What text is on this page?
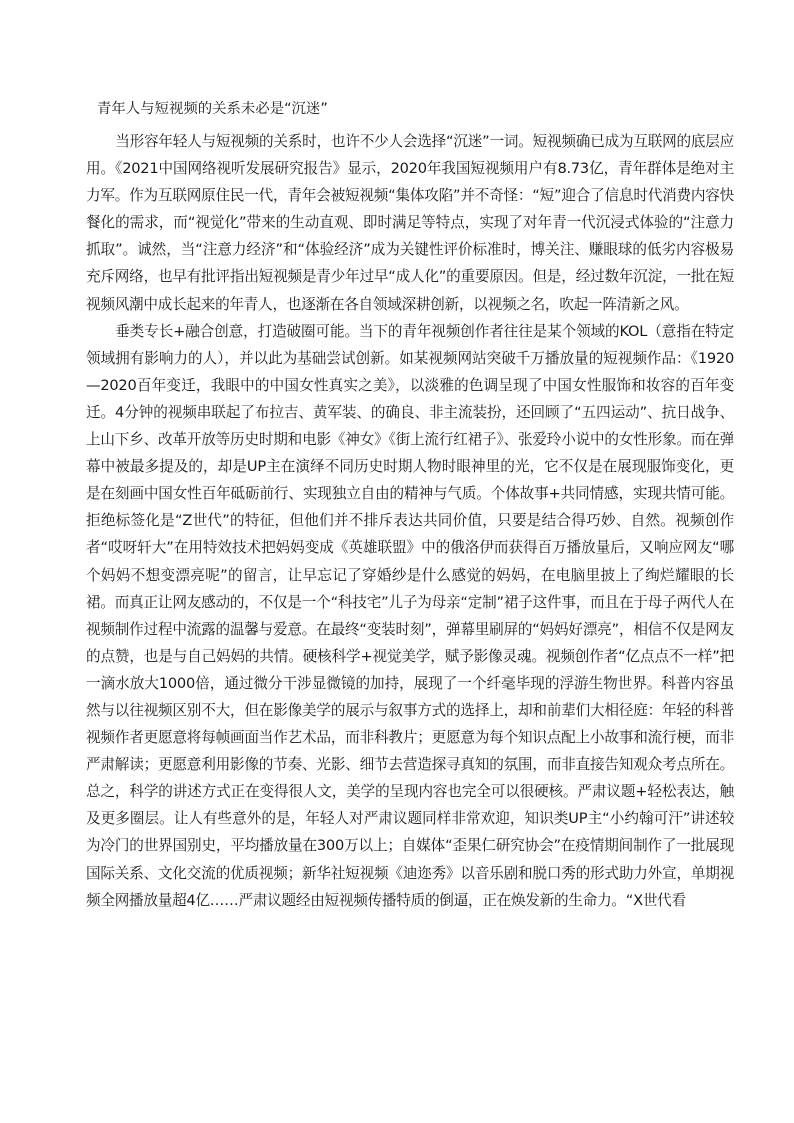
青年人与短视频的关系未必是“沉迷”

当形容年轻人与短视频的关系时，也许不少人会选择“沉迷”一词。短视频确已成为互联网的底层应用。《2021中国网络视听发展研究报告》显示，2020年我国短视频用户有8.73亿，青年群体是绝对主力军。作为互联网原住民一代，青年会被短视频“集体攻陷”并不奇怪：“短”迎合了信息时代消费内容快餐化的需求，而“视觉化”带来的生动直观、即时满足等特点，实现了对年青一代沉浸式体验的“注意力抓取”。诚然，当“注意力经济”和“体验经济”成为关键性评价标准时，博关注、赚眼球的低劣内容极易充斥网络，也早有批评指出短视频是青少年过早“成人化”的重要原因。但是，经过数年沉淀，一批在短视频风潮中成长起来的年青人，也逐渐在各自领域深耕创新，以视频之名，吹起一阵清新之风。

垂类专长+融合创意，打造破圈可能。当下的青年视频创作者往往是某个领域的KOL（意指在特定领域拥有影响力的人），并以此为基础尝试创新。如某视频网站突破千万播放量的短视频作品：《1920—2020百年变迁，我眼中的中国女性真实之美》，以淡雅的色调呈现了中国女性服饰和妆容的百年变迁。4分钟的视频串联起了布拉吉、黄军装、的确良、非主流装扮，还回顾了“五四运动”、抗日战争、上山下乡、改革开放等历史时期和电影《神女》《街上流行红裙子》、张爱玲小说中的女性形象。而在弹幕中被最多提及的，却是UP主在演绎不同历史时期人物时眼神里的光，它不仅是在展现服饰变化，更是在刻画中国女性百年砥砺前行、实现独立自由的精神与气质。个体故事+共同情感，实现共情可能。拒绝标签化是“Z世代”的特征，但他们并不排斥表达共同价值，只要是结合得巧妙、自然。视频创作者“哎呀轩大”在用特效技术把妈妈变成《英雄联盟》中的俄洛伊而获得百万播放量后，又响应网友“哪个妈妈不想变漂亮呢”的留言，让早忘记了穿婚纱是什么感觉的妈妈，在电脑里披上了绚烂耀眼的长裙。而真正让网友感动的，不仅是一个“科技宅”儿子为母亲“定制”裙子这件事，而且在于母子两代人在视频制作过程中流露的温馨与爱意。在最终“变装时刻”，弹幕里刷屏的“妈妈好漂亮”，相信不仅是网友的点赞，也是与自己妈妈的共情。硬核科学+视觉美学，赋予影像灵魂。视频创作者“亿点点不一样”把一滴水放大1000倍，通过微分干涉显微镜的加持，展现了一个纤毫毕现的浮游生物世界。科普内容虽然与以往视频区别不大，但在影像美学的展示与叙事方式的选择上，却和前辈们大相径庭：年轻的科普视频作者更愿意将每帧画面当作艺术品，而非科教片；更愿意为每个知识点配上小故事和流行梗，而非严肃解读；更愿意利用影像的节奏、光影、细节去营造探寻真知的氛围，而非直接告知观众考点所在。总之，科学的讲述方式正在变得很人文，美学的呈现内容也完全可以很硬核。严肃议题+轻松表达，触及更多圈层。让人有些意外的是，年轻人对严肃议题同样非常欢迎，知识类UP主“小约翰可汗”讲述较为冷门的世界国别史，平均播放量在300万以上；自媒体“歪果仁研究协会”在疫情期间制作了一批展现国际关系、文化交流的优质视频；新华社短视频《迪迩秀》以音乐剧和脱口秀的形式助力外宣，单期视频全网播放量超4亿……严肃议题经由短视频传播特质的倒逼，正在焕发新的生命力。“X世代看
